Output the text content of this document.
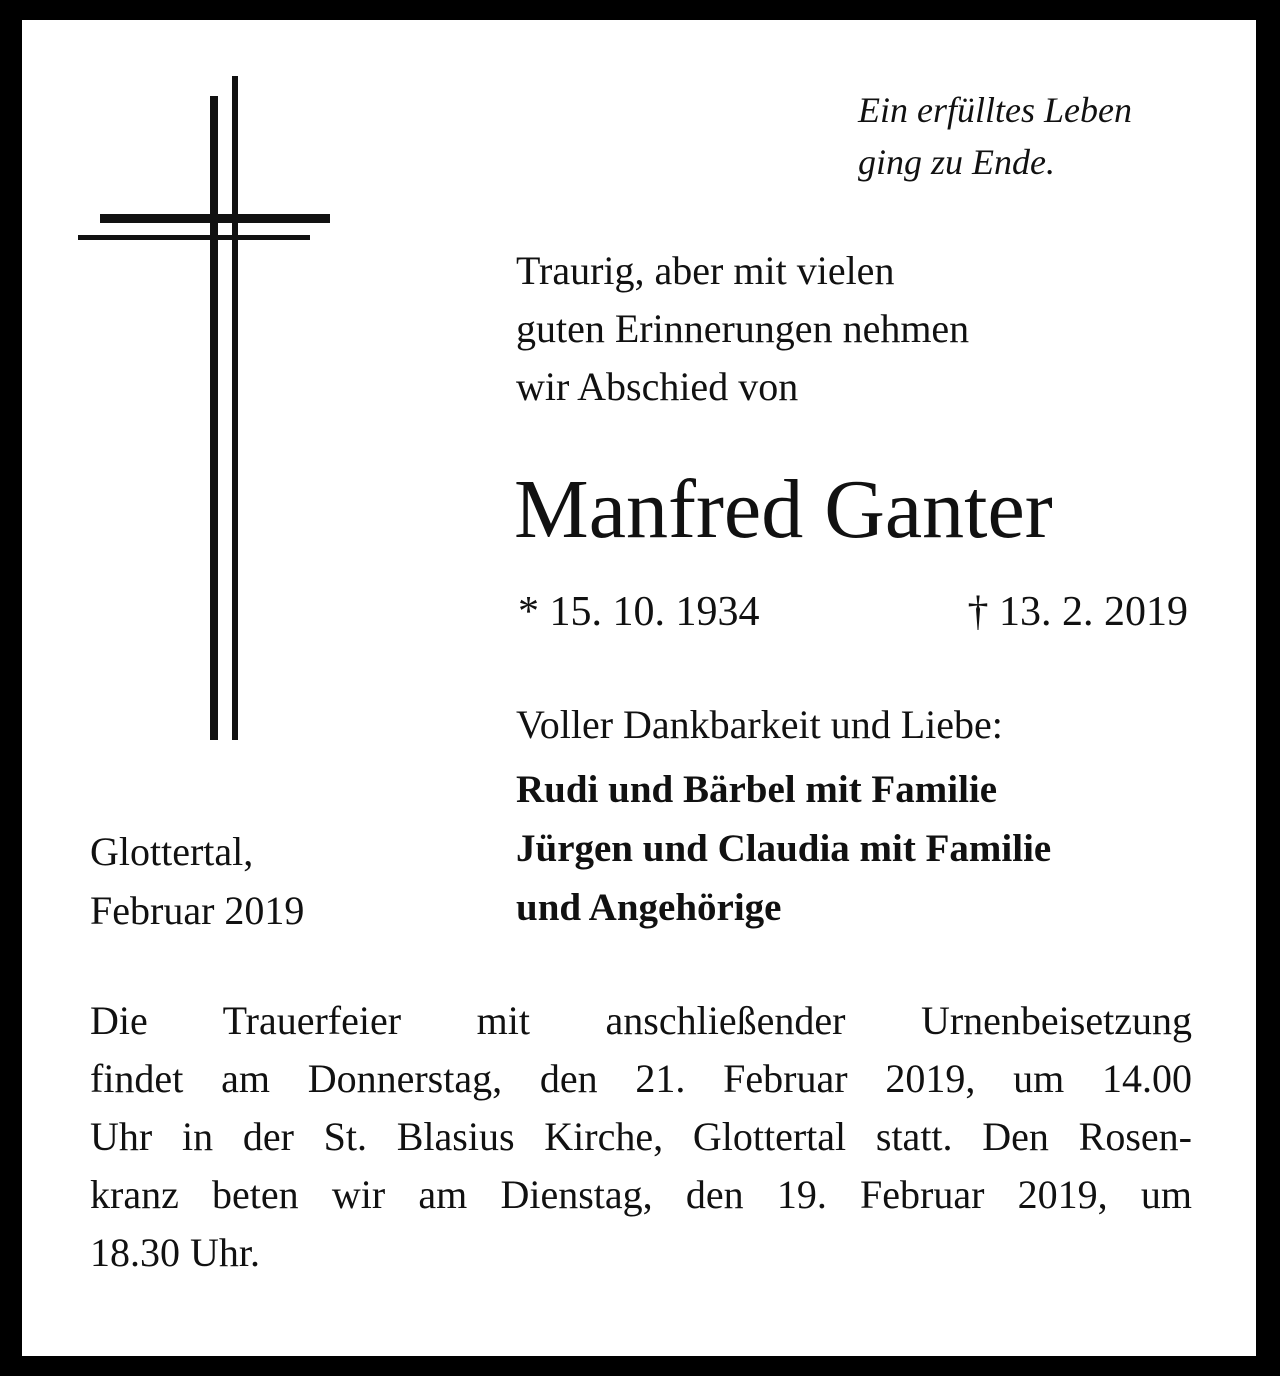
Ein erfülltes Leben
ging zu Ende.

Traurig, aber mit vielen
guten Erinnerungen nehmen
wir Abschied von

Manfred Ganter
* 15. 10. 1934	† 13. 2. 2019

Voller Dankbarkeit und Liebe:

Rudi und Bärbel mit Familie
Jürgen und Claudia mit Familie
und Angehörige

Glottertal,
Februar 2019

Die Trauerfeier mit anschließender Urnenbeisetzung
findet am Donnerstag, den 21. Februar 2019, um 14.00
Uhr in der St. Blasius Kirche, Glottertal statt. Den Rosen-
kranz beten wir am Dienstag, den 19. Februar 2019, um
18.30 Uhr.
